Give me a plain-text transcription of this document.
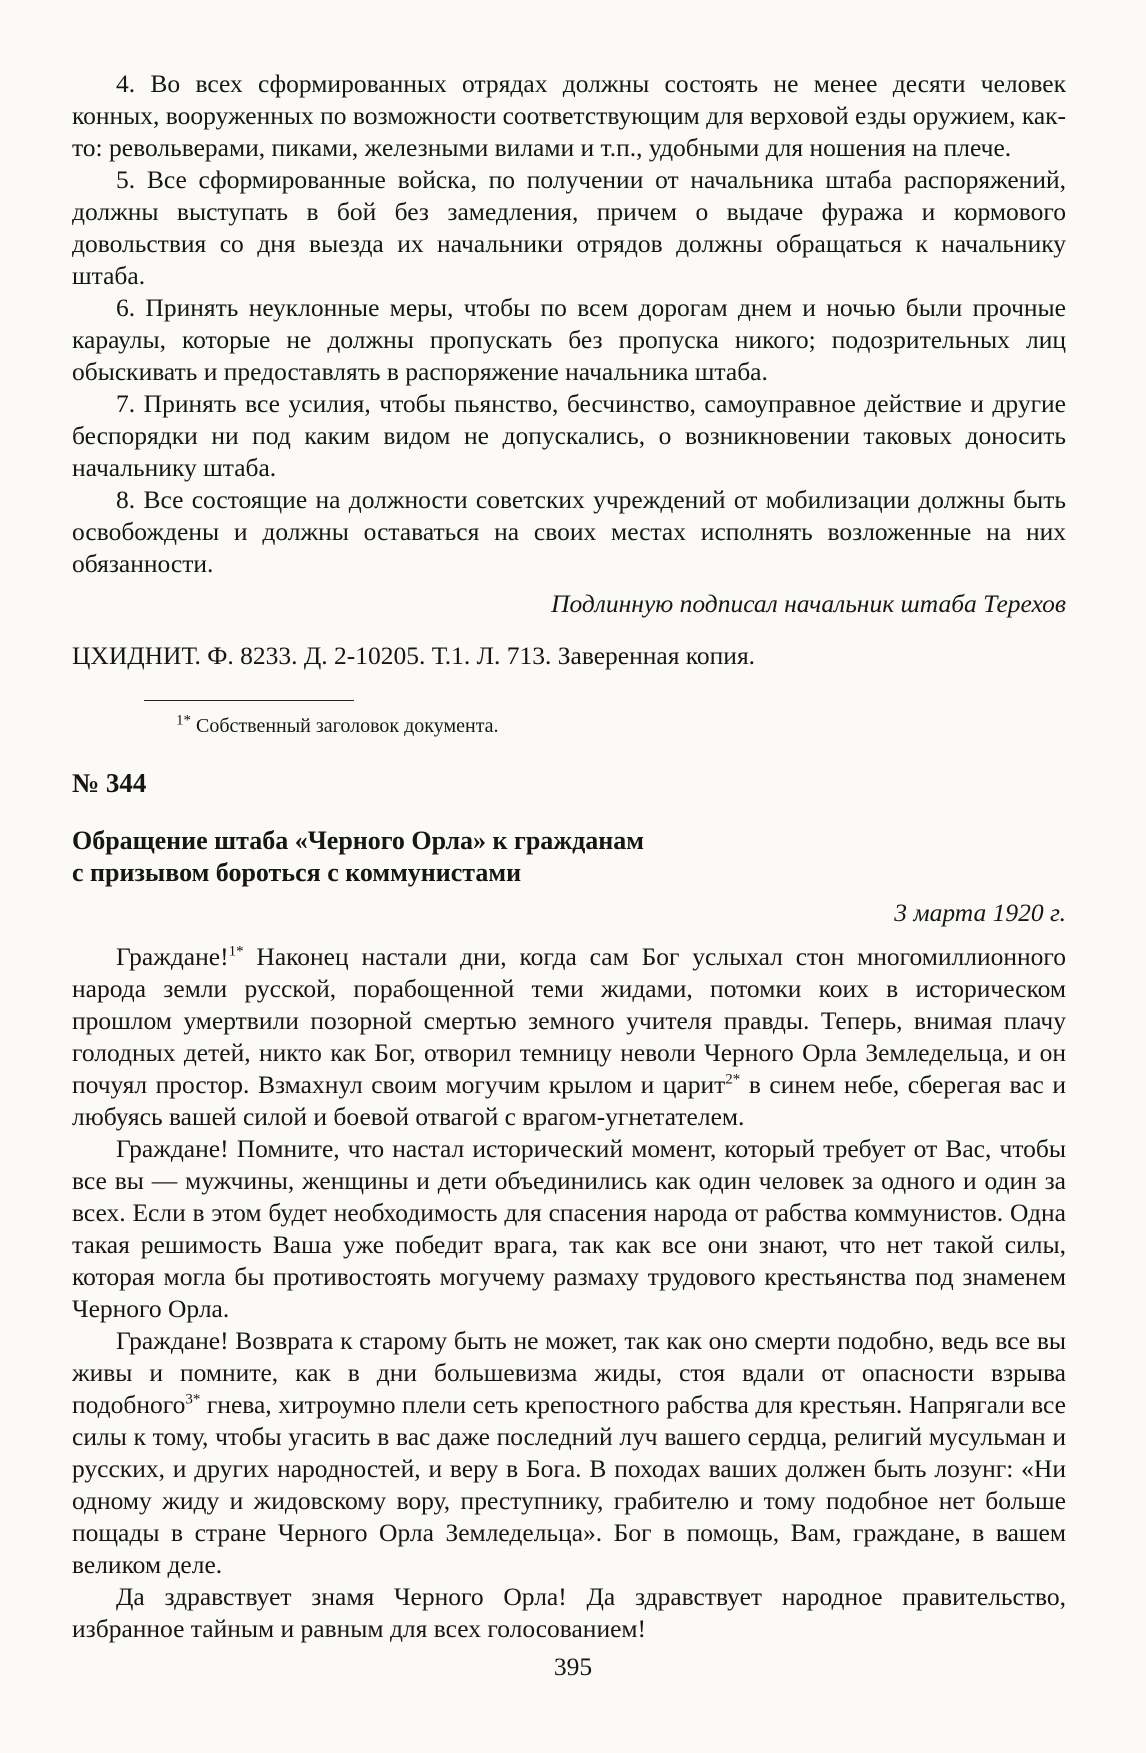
4. Во всех сформированных отрядах должны состоять не менее десяти человек конных, вооруженных по возможности соответствующим для верховой езды оружием, как-то: револьверами, пиками, железными вилами и т.п., удобными для ношения на плече.

5. Все сформированные войска, по получении от начальника штаба распоряжений, должны выступать в бой без замедления, причем о выдаче фуража и кормового довольствия со дня выезда их начальники отрядов должны обращаться к начальнику штаба.

6. Принять неуклонные меры, чтобы по всем дорогам днем и ночью были прочные караулы, которые не должны пропускать без пропуска никого; подозрительных лиц обыскивать и предоставлять в распоряжение начальника штаба.

7. Принять все усилия, чтобы пьянство, бесчинство, самоуправное действие и другие беспорядки ни под каким видом не допускались, о возникновении таковых доносить начальнику штаба.

8. Все состоящие на должности советских учреждений от мобилизации должны быть освобождены и должны оставаться на своих местах исполнять возложенные на них обязанности.

Подлинную подписал начальник штаба Терехов

ЦХИДНИТ. Ф. 8233. Д. 2-10205. Т.1. Л. 713. Заверенная копия.

$^{1*}$ Собственный заголовок документа.

№ 344

Обращение штаба «Черного Орла» к гражданам
с призывом бороться с коммунистами

3 марта 1920 г.

Граждане!$^{1*}$ Наконец настали дни, когда сам Бог услыхал стон многомиллионного народа земли русской, порабощенной теми жидами, потомки коих в историческом прошлом умертвили позорной смертью земного учителя правды. Теперь, внимая плачу голодных детей, никто как Бог, отворил темницу неволи Черного Орла Земледельца, и он почуял простор. Взмахнул своим могучим крылом и царит$^{2*}$ в синем небе, сберегая вас и любуясь вашей силой и боевой отвагой с врагом-угнетателем.

Граждане! Помните, что настал исторический момент, который требует от Вас, чтобы все вы — мужчины, женщины и дети объединились как один человек за одного и один за всех. Если в этом будет необходимость для спасения народа от рабства коммунистов. Одна такая решимость Ваша уже победит врага, так как все они знают, что нет такой силы, которая могла бы противостоять могучему размаху трудового крестьянства под знаменем Черного Орла.

Граждане! Возврата к старому быть не может, так как оно смерти подобно, ведь все вы живы и помните, как в дни большевизма жиды, стоя вдали от опасности взрыва подобного$^{3*}$ гнева, хитроумно плели сеть крепостного рабства для крестьян. Напрягали все силы к тому, чтобы угасить в вас даже последний луч вашего сердца, религий мусульман и русских, и других народностей, и веру в Бога. В походах ваших должен быть лозунг: «Ни одному жиду и жидовскому вору, преступнику, грабителю и тому подобное нет больше пощады в стране Черного Орла Земледельца». Бог в помощь, Вам, граждане, в вашем великом деле.

Да здравствует знамя Черного Орла! Да здравствует народное правительство, избранное тайным и равным для всех голосованием!

395
